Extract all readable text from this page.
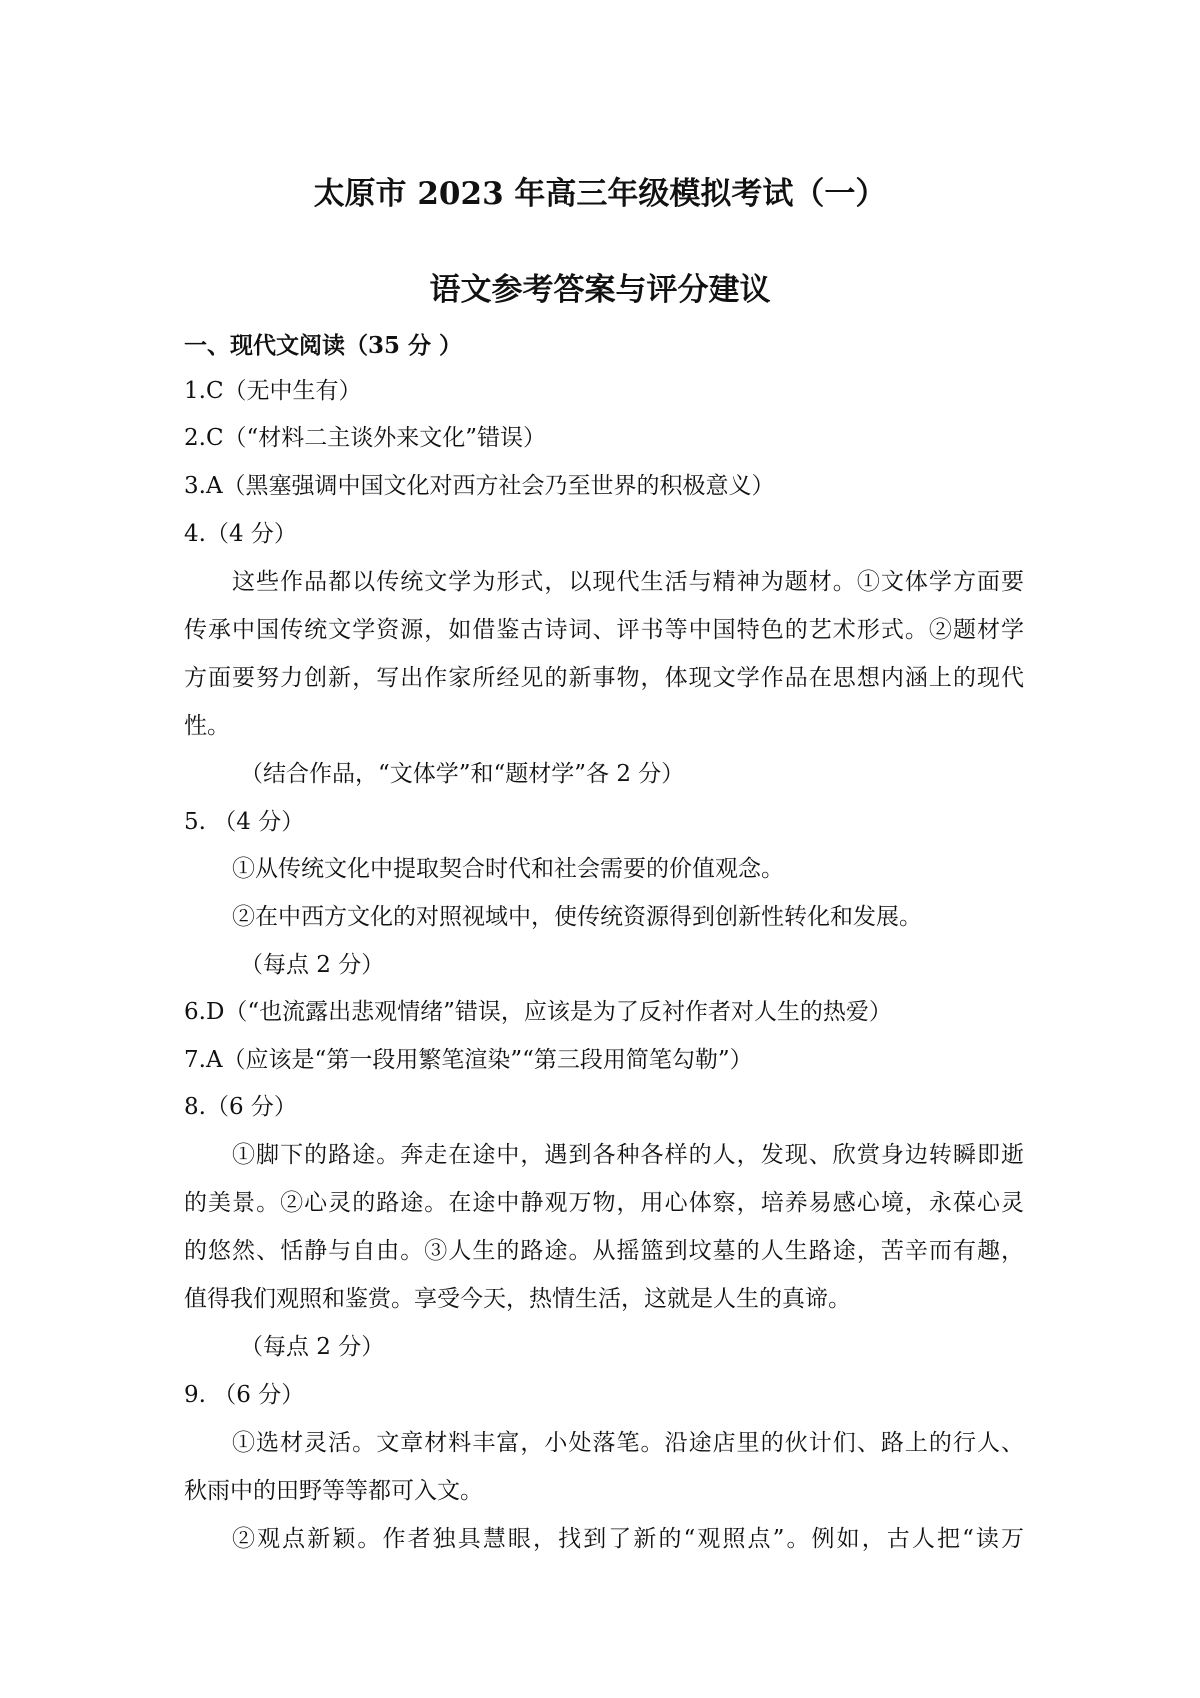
太原市 2023 年高三年级模拟考试（一）
语文参考答案与评分建议
一、现代文阅读（35 分 ）
1.C（无中生有）
2.C（“材料二主谈外来文化”错误）
3.A（黑塞强调中国文化对西方社会乃至世界的积极意义）
4.（4 分）
这些作品都以传统文学为形式，以现代生活与精神为题材。①文体学方面要
传承中国传统文学资源，如借鉴古诗词、评书等中国特色的艺术形式。②题材学
方面要努力创新，写出作家所经见的新事物，体现文学作品在思想内涵上的现代
性。
（结合作品，“文体学”和“题材学”各 2 分）
5. （4 分）
①从传统文化中提取契合时代和社会需要的价值观念。
②在中西方文化的对照视域中，使传统资源得到创新性转化和发展。
（每点 2 分）
6.D（“也流露出悲观情绪”错误，应该是为了反衬作者对人生的热爱）
7.A（应该是“第一段用繁笔渲染”“第三段用简笔勾勒”）
8.（6 分）
①脚下的路途。奔走在途中，遇到各种各样的人，发现、欣赏身边转瞬即逝
的美景。②心灵的路途。在途中静观万物，用心体察，培养易感心境，永葆心灵
的悠然、恬静与自由。③人生的路途。从摇篮到坟墓的人生路途，苦辛而有趣，
值得我们观照和鉴赏。享受今天，热情生活，这就是人生的真谛。
（每点 2 分）
9. （6 分）
①选材灵活。文章材料丰富，小处落笔。沿途店里的伙计们、路上的行人、
秋雨中的田野等等都可入文。
②观点新颖。作者独具慧眼，找到了新的“观照点”。例如，古人把“读万
